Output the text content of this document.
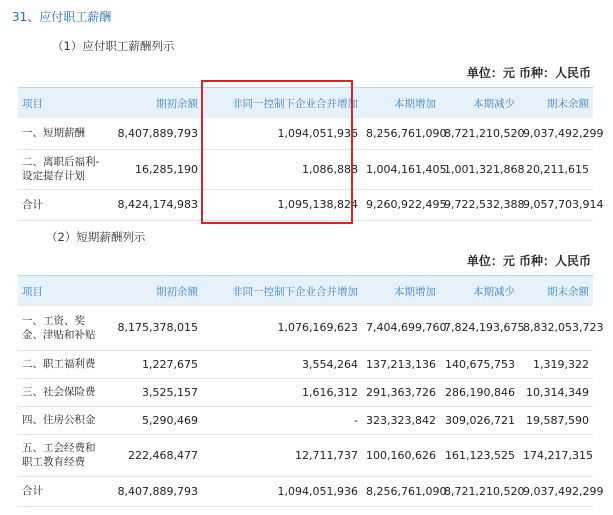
31、应付职工薪酬
（1）应付职工薪酬列示
单位：元 币种：人民币
项目	期初余额	非同一控制下企业合并增加	本期增加	本期减少	期末余额
一、短期薪酬	8,407,889,793	1,094,051,936	8,256,761,090	8,721,210,520	9,037,492,299
二、离职后福利-设定提存计划	16,285,190	1,086,888	1,004,161,405	1,001,321,868	20,211,615
合计	8,424,174,983	1,095,138,824	9,260,922,495	9,722,532,388	9,057,703,914
（2）短期薪酬列示
单位：元 币种：人民币
项目	期初余额	非同一控制下企业合并增加	本期增加	本期减少	期末余额
一、工资、奖金、津贴和补贴	8,175,378,015	1,076,169,623	7,404,699,760	7,824,193,675	8,832,053,723
二、职工福利费	1,227,675	3,554,264	137,213,136	140,675,753	1,319,322
三、社会保险费	3,525,157	1,616,312	291,363,726	286,190,846	10,314,349
四、住房公积金	5,290,469	-	323,323,842	309,026,721	19,587,590
五、工会经费和职工教育经费	222,468,477	12,711,737	100,160,626	161,123,525	174,217,315
合计	8,407,889,793	1,094,051,936	8,256,761,090	8,721,210,520	9,037,492,299
